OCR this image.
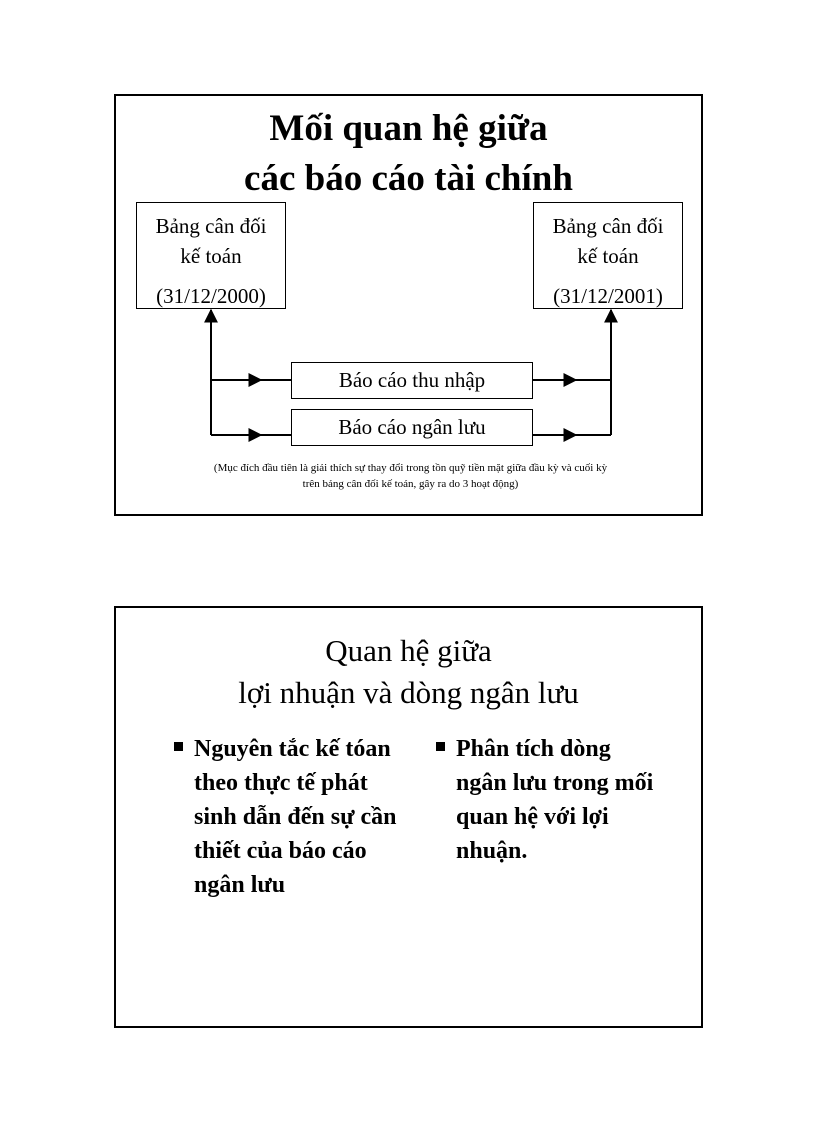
Mối quan hệ giữa
các báo cáo tài chính
Bảng cân đối
kế toán
(31/12/2000)
Bảng cân đối
kế toán
(31/12/2001)
Báo cáo thu nhập
Báo cáo ngân lưu
(Mục đích đầu tiên là giải thích sự thay đổi trong tồn quỹ tiền mặt giữa đầu kỳ và cuối kỳ
trên bảng cân đối kế toán, gây ra do 3 hoạt động)
Quan hệ giữa
lợi nhuận và dòng ngân lưu
Nguyên tắc kế tóan theo thực tế phát sinh dẫn đến sự cần thiết của báo cáo ngân lưu
Phân tích dòng ngân lưu trong mối quan hệ với lợi nhuận.
